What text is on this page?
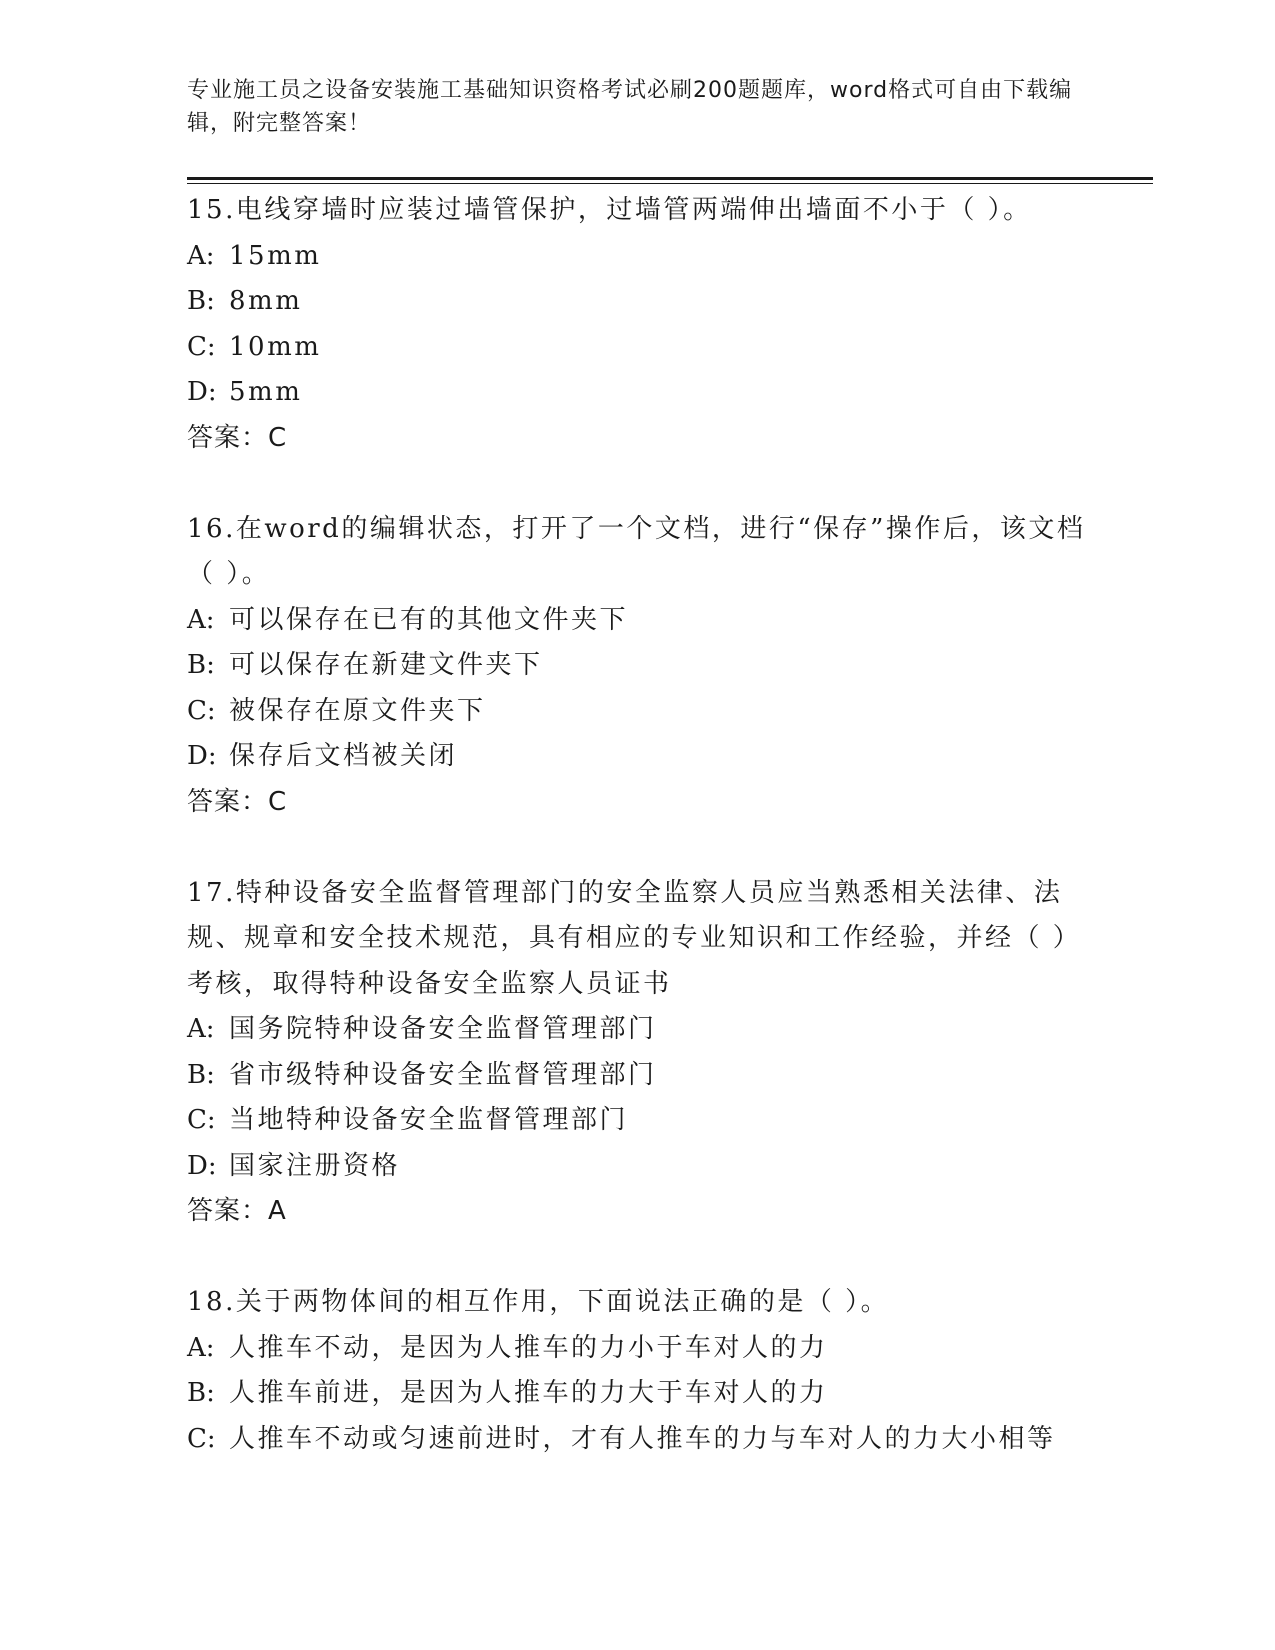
专业施工员之设备安装施工基础知识资格考试必刷200题题库，word格式可自由下载编辑，附完整答案！

15.电线穿墙时应装过墙管保护，过墙管两端伸出墙面不小于（ ）。

A: 15mm

B: 8mm

C: 10mm

D: 5mm

答案：C

16.在word的编辑状态，打开了一个文档，进行“保存”操作后，该文档（ ）。

A: 可以保存在已有的其他文件夹下

B: 可以保存在新建文件夹下

C: 被保存在原文件夹下

D: 保存后文档被关闭

答案：C

17.特种设备安全监督管理部门的安全监察人员应当熟悉相关法律、法规、规章和安全技术规范，具有相应的专业知识和工作经验，并经（ ）考核，取得特种设备安全监察人员证书

A: 国务院特种设备安全监督管理部门

B: 省市级特种设备安全监督管理部门

C: 当地特种设备安全监督管理部门

D: 国家注册资格

答案：A

18.关于两物体间的相互作用，下面说法正确的是（ ）。

A: 人推车不动，是因为人推车的力小于车对人的力

B: 人推车前进，是因为人推车的力大于车对人的力

C: 人推车不动或匀速前进时，才有人推车的力与车对人的力大小相等
